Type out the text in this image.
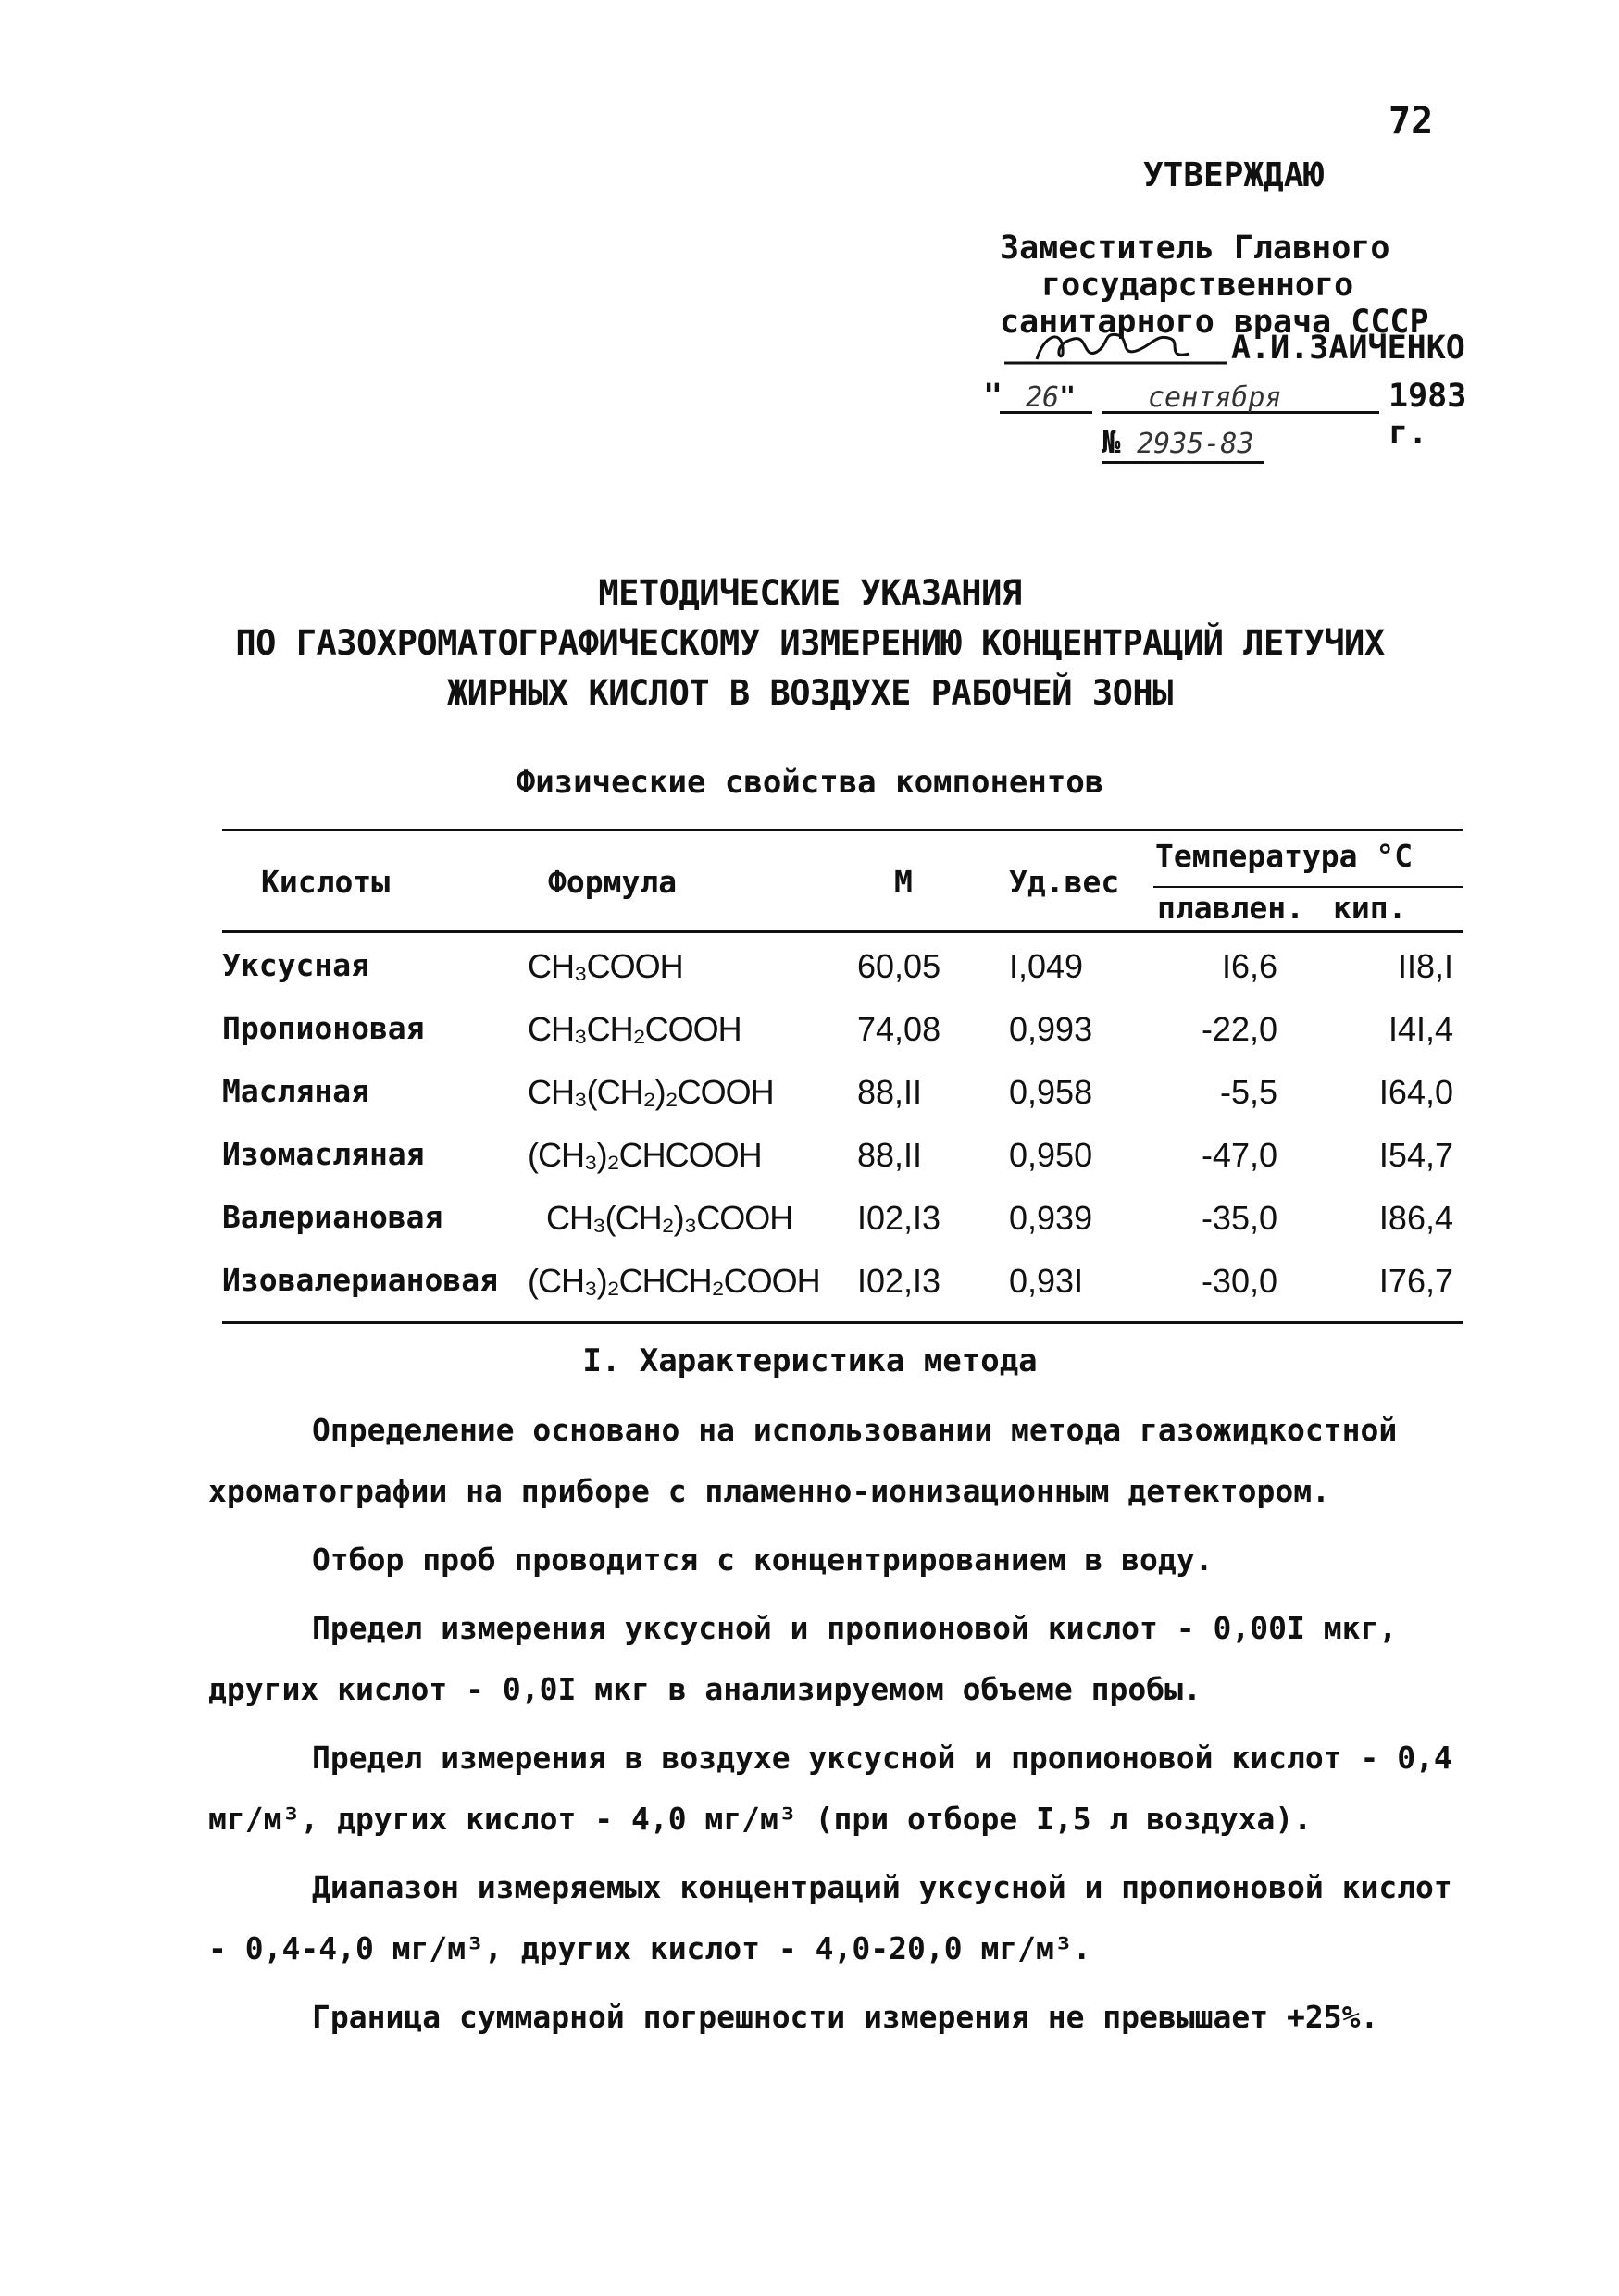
72
УТВЕРЖДАЮ
Заместитель Главного
государственного
санитарного врача СССР
А.И.ЗАИЧЕНКО
" 26"	сентября	1983 г.
№ 2935-83
МЕТОДИЧЕСКИЕ УКАЗАНИЯ
ПО ГАЗОХРОМАТОГРАФИЧЕСКОМУ ИЗМЕРЕНИЮ КОНЦЕНТРАЦИЙ ЛЕТУЧИХ
ЖИРНЫХ КИСЛОТ В ВОЗДУХЕ РАБОЧЕЙ ЗОНЫ
Физические свойства компонентов
Кислоты	Формула	М	Уд.вес
Температура °С
плавлен. кип.
Уксусная	CH₃COOH	60,05 I,049	I6,6	II8,I
Пропионовая	CH₃CH₂COOH	74,08 0,993	-22,0	I4I,4
Масляная	CH₃(CH₂)₂COOH	88,II	0,958	-5,5	I64,0
Изомасляная	(CH₃)₂CHCOOH	88,II	0,950	-47,0	I54,7
Валериановая	CH₃(CH₂)₃COOH I02,I3 0,939	-35,0	I86,4
Изовалериановая (CH₃)₂CHCH₂COOH I02,I3 0,93I	-30,0	I76,7
I. Характеристика метода

Определение основано на использовании метода газожидкостной хроматографии на приборе с пламенно-ионизационным детектором.

Отбор проб проводится с концентрированием в воду.

Предел измерения уксусной и пропионовой кислот - 0,00I мкг, других кислот - 0,0I мкг в анализируемом объеме пробы.

Предел измерения в воздухе уксусной и пропионовой кислот - 0,4 мг/м³, других кислот - 4,0 мг/м³ (при отборе I,5 л воздуха).

Диапазон измеряемых концентраций уксусной и пропионовой кислот - 0,4-4,0 мг/м³, других кислот - 4,0-20,0 мг/м³.

Граница суммарной погрешности измерения не превышает +25%.
